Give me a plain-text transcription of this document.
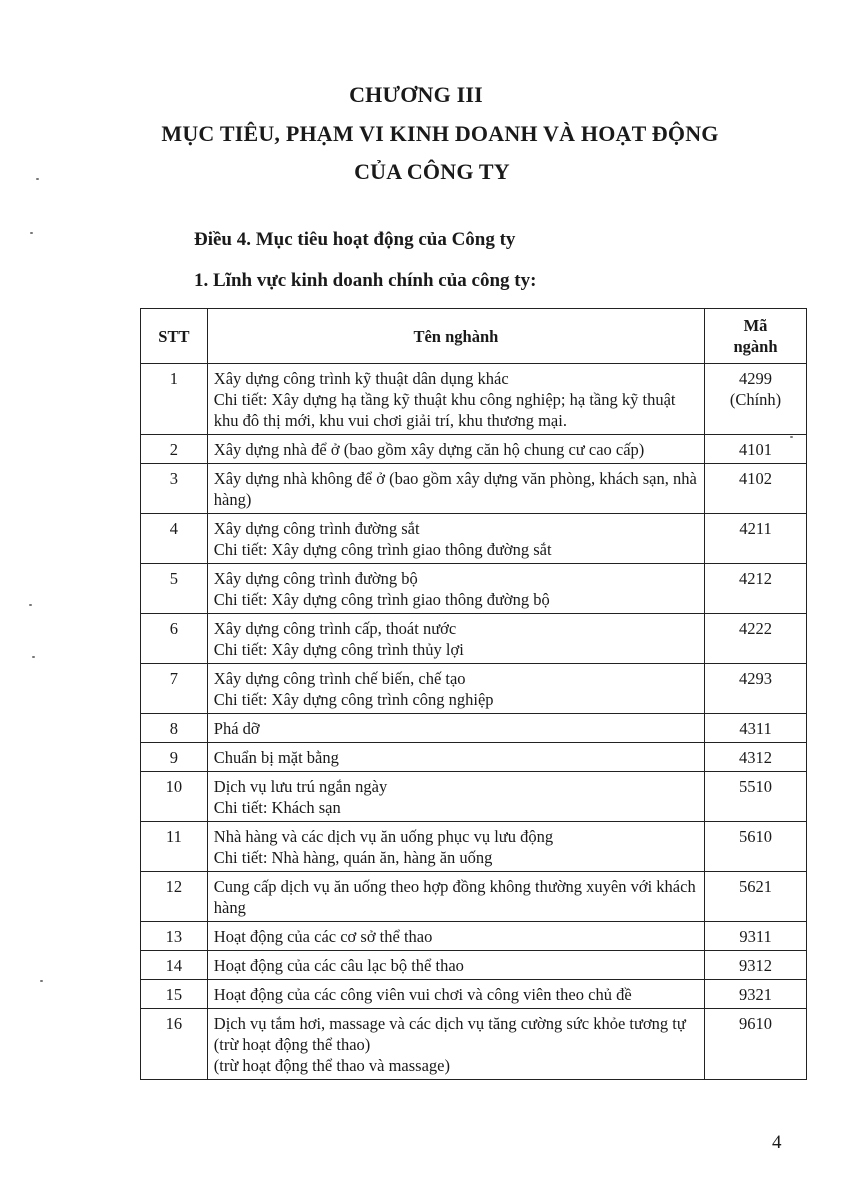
CHƯƠNG III
MỤC TIÊU, PHẠM VI KINH DOANH VÀ HOẠT ĐỘNG
CỦA CÔNG TY
Điều 4. Mục tiêu hoạt động của Công ty
1. Lĩnh vực kinh doanh chính của công ty:
STT	Tên nghành	Mã
ngành

1	Xây dựng công trình kỹ thuật dân dụng khác
Chi tiết: Xây dựng hạ tầng kỹ thuật khu công nghiệp; hạ tầng kỹ thuật khu đô thị mới, khu vui chơi giải trí, khu thương mại.	4299
(Chính)

2	Xây dựng nhà để ở (bao gồm xây dựng căn hộ chung cư cao cấp)	4101

3	Xây dựng nhà không để ở (bao gồm xây dựng văn phòng, khách sạn, nhà hàng)	4102

4	Xây dựng công trình đường sắt
Chi tiết: Xây dựng công trình giao thông đường sắt	4211

5	Xây dựng công trình đường bộ
Chi tiết: Xây dựng công trình giao thông đường bộ	4212

6	Xây dựng công trình cấp, thoát nước
Chi tiết: Xây dựng công trình thủy lợi	4222

7	Xây dựng công trình chế biến, chế tạo
Chi tiết: Xây dựng công trình công nghiệp	4293

8	Phá dỡ	4311

9	Chuẩn bị mặt bằng	4312

10	Dịch vụ lưu trú ngắn ngày
Chi tiết: Khách sạn	5510

11	Nhà hàng và các dịch vụ ăn uống phục vụ lưu động
Chi tiết: Nhà hàng, quán ăn, hàng ăn uống	5610

12	Cung cấp dịch vụ ăn uống theo hợp đồng không thường xuyên với khách hàng	5621

13	Hoạt động của các cơ sở thể thao	9311

14	Hoạt động của các câu lạc bộ thể thao	9312

15	Hoạt động của các công viên vui chơi và công viên theo chủ đề	9321

16	Dịch vụ tắm hơi, massage và các dịch vụ tăng cường sức khỏe tương tự (trừ hoạt động thể thao)
(trừ hoạt động thể thao và massage)	9610
4
